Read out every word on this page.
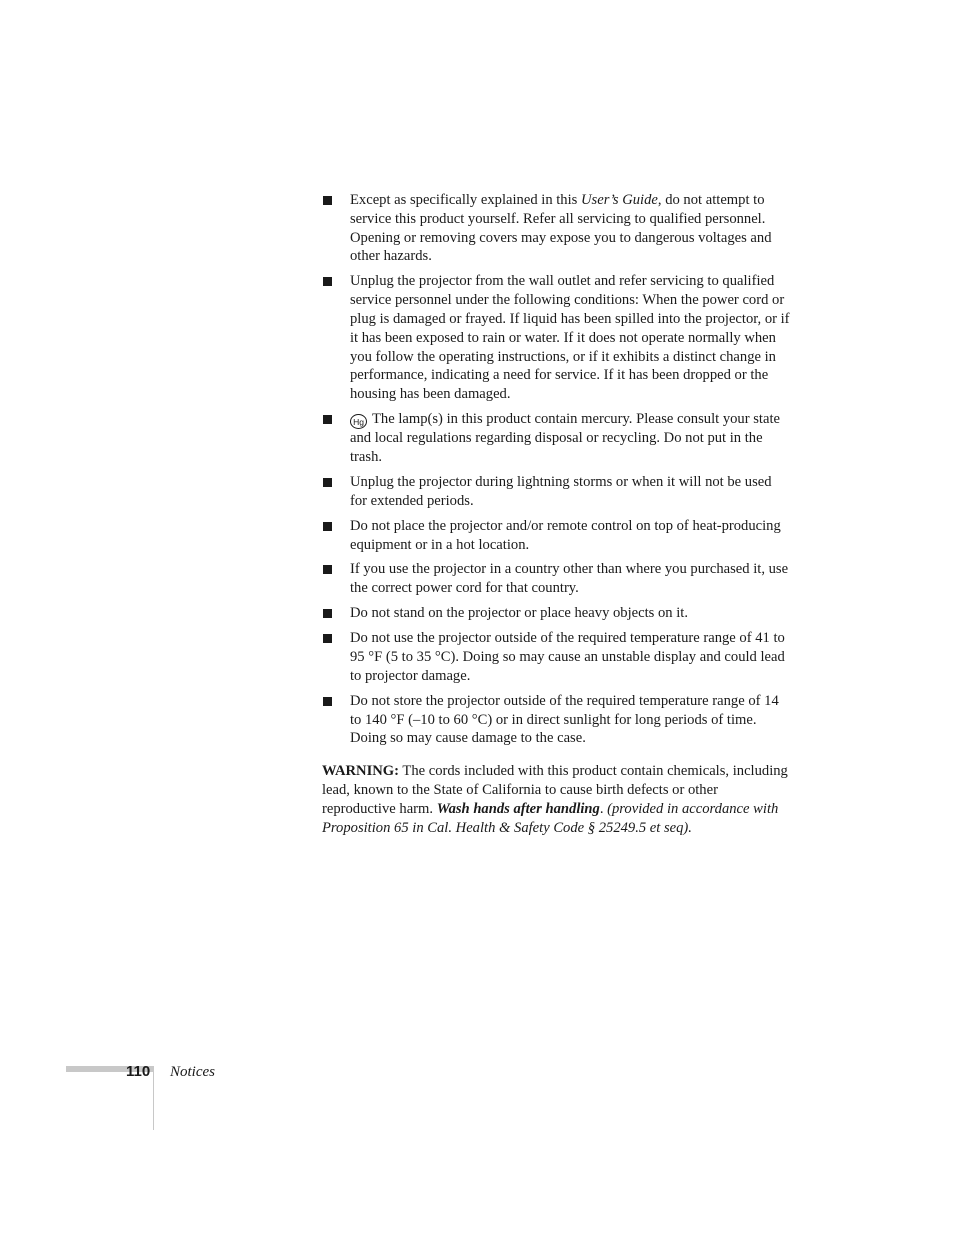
Except as specifically explained in this User’s Guide, do not attempt to service this product yourself. Refer all servicing to qualified personnel. Opening or removing covers may expose you to dangerous voltages and other hazards.
Unplug the projector from the wall outlet and refer servicing to qualified service personnel under the following conditions: When the power cord or plug is damaged or frayed. If liquid has been spilled into the projector, or if it has been exposed to rain or water. If it does not operate normally when you follow the operating instructions, or if it exhibits a distinct change in performance, indicating a need for service. If it has been dropped or the housing has been damaged.
Hg The lamp(s) in this product contain mercury. Please consult your state and local regulations regarding disposal or recycling. Do not put in the trash.
Unplug the projector during lightning storms or when it will not be used for extended periods.
Do not place the projector and/or remote control on top of heat-producing equipment or in a hot location.
If you use the projector in a country other than where you purchased it, use the correct power cord for that country.
Do not stand on the projector or place heavy objects on it.
Do not use the projector outside of the required temperature range of 41 to 95 °F (5 to 35 °C). Doing so may cause an unstable display and could lead to projector damage.
Do not store the projector outside of the required temperature range of 14 to 140 °F (–10 to 60 °C) or in direct sunlight for long periods of time. Doing so may cause damage to the case.

WARNING: The cords included with this product contain chemicals, including lead, known to the State of California to cause birth defects or other reproductive harm. Wash hands after handling. (provided in accordance with Proposition 65 in Cal. Health & Safety Code § 25249.5 et seq).

110 Notices
